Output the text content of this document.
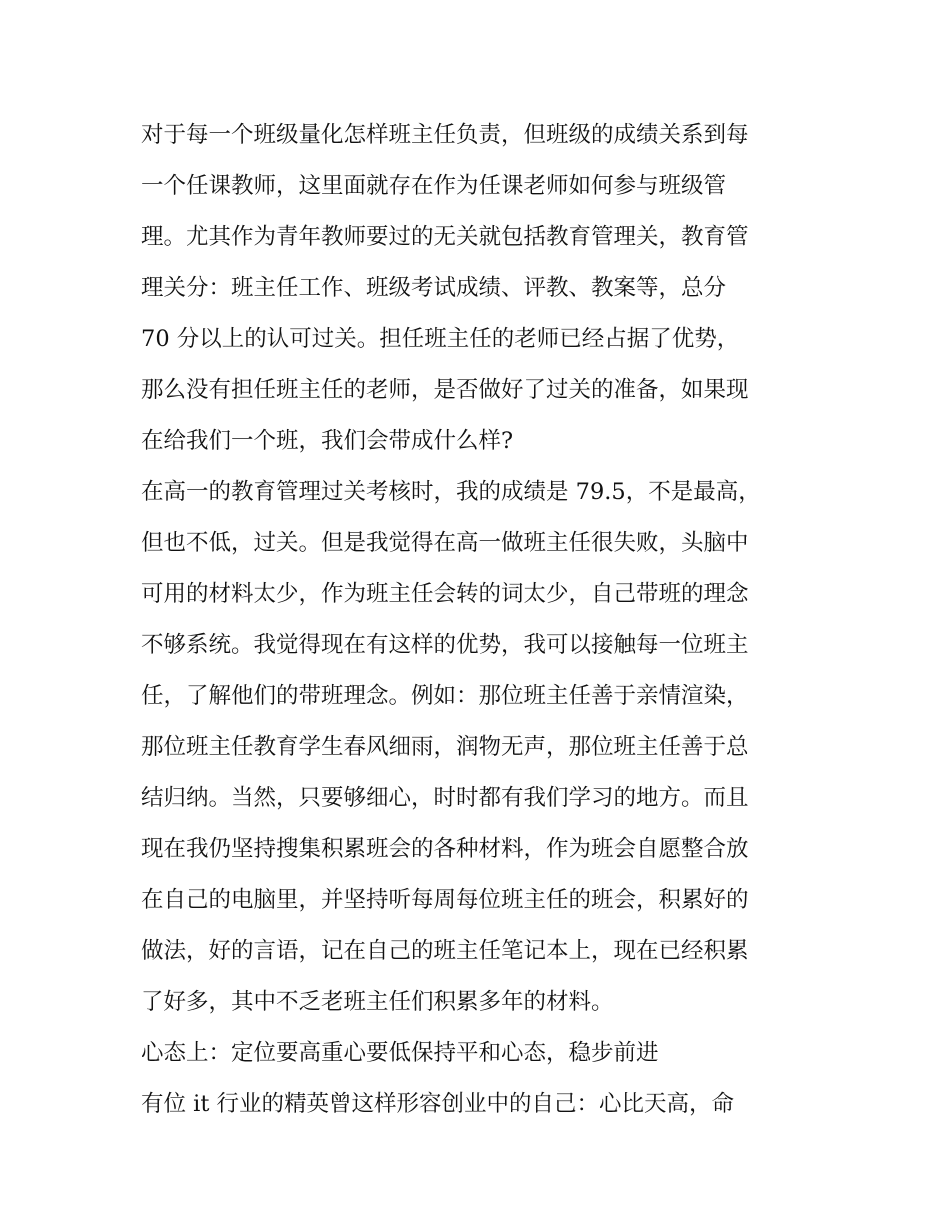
对于每一个班级量化怎样班主任负责，但班级的成绩关系到每
一个任课教师，这里面就存在作为任课老师如何参与班级管
理。尤其作为青年教师要过的无关就包括教育管理关，教育管
理关分：班主任工作、班级考试成绩、评教、教案等，总分
70 分以上的认可过关。担任班主任的老师已经占据了优势，
那么没有担任班主任的老师，是否做好了过关的准备，如果现
在给我们一个班，我们会带成什么样?
在高一的教育管理过关考核时，我的成绩是 79.5，不是最高，
但也不低，过关。但是我觉得在高一做班主任很失败，头脑中
可用的材料太少，作为班主任会转的词太少，自己带班的理念
不够系统。我觉得现在有这样的优势，我可以接触每一位班主
任，了解他们的带班理念。例如：那位班主任善于亲情渲染，
那位班主任教育学生春风细雨，润物无声，那位班主任善于总
结归纳。当然，只要够细心，时时都有我们学习的地方。而且
现在我仍坚持搜集积累班会的各种材料，作为班会自愿整合放
在自己的电脑里，并坚持听每周每位班主任的班会，积累好的
做法，好的言语，记在自己的班主任笔记本上，现在已经积累
了好多，其中不乏老班主任们积累多年的材料。
心态上：定位要高重心要低保持平和心态，稳步前进
有位 it 行业的精英曾这样形容创业中的自己：心比天高，命
